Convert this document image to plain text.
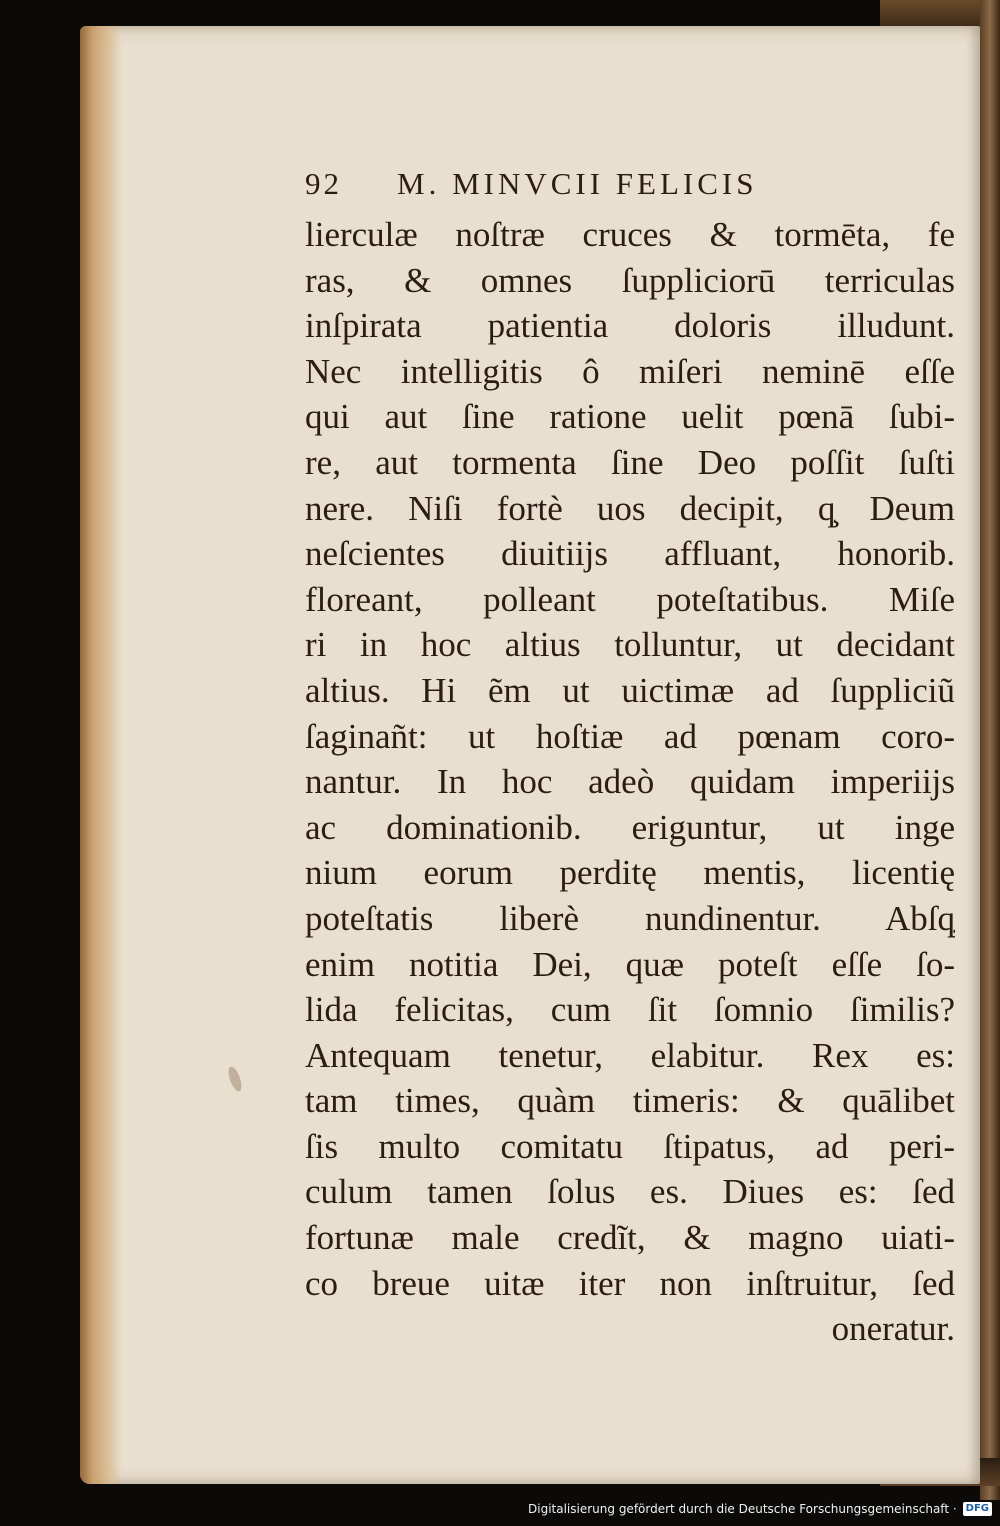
92	M. MINVCII FELICIS
lierculæ noſtræ cruces & tormēta, fe
ras, & omnes ſuppliciorū terriculas
inſpirata patientia doloris illudunt.
Nec intelligitis ô miſeri neminē eſſe
qui aut ſine ratione uelit pœnā ſubi-
re, aut tormenta ſine Deo poſſit ſuſti
nere. Niſi fortè uos decipit, q̧ Deum
neſcientes diuitiĳs affluant, honorib.
floreant, polleant poteſtatibus. Miſe
ri in hoc altius tolluntur, ut decidant
altius. Hi ẽm ut uictimæ ad ſuppliciũ
ſaginañt: ut hoſtiæ ad pœnam coro-
nantur. In hoc adeò quidam imperiĳs
ac dominationib. eriguntur, ut inge
nium eorum perditę mentis, licentię
poteſtatis liberè nundinentur. Abſq̧
enim notitia Dei, quæ poteſt eſſe ſo-
lida felicitas, cum ſit ſomnio ſimilis?
Antequam tenetur, elabitur. Rex es:
tam times, quàm timeris: & quālibet
ſis multo comitatu ſtipatus, ad peri-
culum tamen ſolus es. Diues es: ſed
fortunæ male credĩt, & magno uiati-
co breue uitæ iter non inſtruitur, ſed
oneratur.
Digitalisierung gefördert durch die Deutsche Forschungsgemeinschaft · DFG
